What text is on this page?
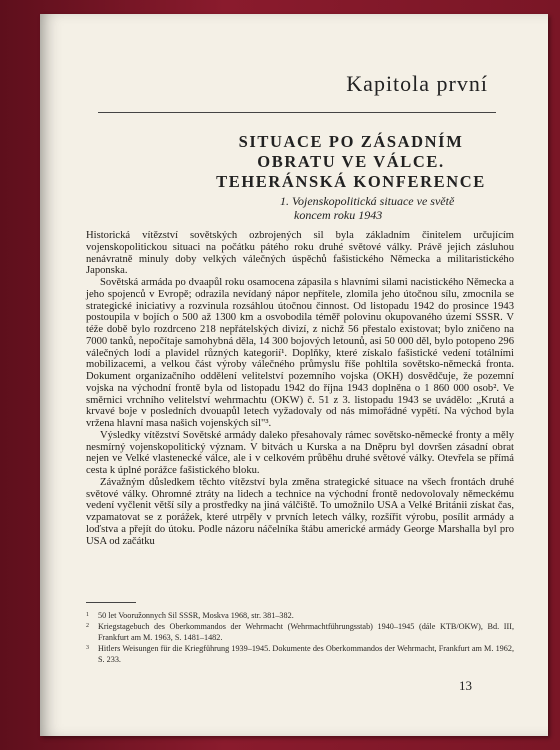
Kapitola první
SITUACE PO ZÁSADNÍM
OBRATU VE VÁLCE.
TEHERÁNSKÁ KONFERENCE
1. Vojenskopolitická situace ve světě
koncem roku 1943

Historická vítězství sovětských ozbrojených sil byla základním činitelem určujícím vojenskopolitickou situaci na počátku pátého roku druhé světové války. Právě jejich zásluhou nenávratně minuly doby velkých válečných úspěchů fašistického Německa a militaristického Japonska.

Sovětská armáda po dvaapůl roku osamocena zápasila s hlavními silami nacistického Německa a jeho spojenců v Evropě; odrazila nevídaný nápor nepřítele, zlomila jeho útočnou sílu, zmocnila se strategické iniciativy a rozvinula rozsáhlou útočnou činnost. Od listopadu 1942 do prosince 1943 postoupila v bojích o 500 až 1300 km a osvobodila téměř polovinu okupovaného území SSSR. V téže době bylo rozdrceno 218 nepřátelských divizí, z nichž 56 přestalo existovat; bylo zničeno na 7000 tanků, nepočítaje samohybná děla, 14 300 bojových letounů, asi 50 000 děl, bylo potopeno 296 válečných lodí a plavidel různých kategorií¹. Doplňky, které získalo fašistické vedení totálními mobilizacemi, a velkou část výroby válečného průmyslu říše pohltila sovětsko-německá fronta. Dokument organizačního oddělení velitelství pozemního vojska (OKH) dosvědčuje, že pozemní vojska na východní frontě byla od listopadu 1942 do října 1943 doplněna o 1 860 000 osob². Ve směrnici vrchního velitelství wehrmachtu (OKW) č. 51 z 3. listopadu 1943 se uvádělo: „Krutá a krvavé boje v posledních dvouapůl letech vyžadovaly od nás mimořádné vypětí. Na východ byla vržena hlavní masa našich vojenských sil"³.

Výsledky vítězství Sovětské armády daleko přesahovaly rámec sovětsko-německé fronty a měly nesmírný vojenskopolitický význam. V bitvách u Kurska a na Dněpru byl dovršen zásadní obrat nejen ve Velké vlastenecké válce, ale i v celkovém průběhu druhé světové války. Otevřela se přímá cesta k úplné porážce fašistického bloku.

Závažným důsledkem těchto vítězství byla změna strategické situace na všech frontách druhé světové války. Ohromné ztráty na lidech a technice na východní frontě nedovolovaly německému vedení vyčlenit větší síly a prostředky na jiná válčiště. To umožnilo USA a Velké Británii získat čas, vzpamatovat se z porážek, které utrpěly v prvních letech války, rozšířit výrobu, posílit armády a loďstva a přejít do útoku. Podle názoru náčelníka štábu americké armády George Marshalla byl pro USA od začátku

1 50 let Vooružonnych Sil SSSR, Moskva 1968, str. 381–382.

2 Kriegstagebuch des Oberkommandos der Wehrmacht (Wehrmachtführungsstab) 1940–1945 (dále KTB/OKW), Bd. III, Frankfurt am M. 1963, S. 1481–1482.

3 Hitlers Weisungen für die Kriegführung 1939–1945. Dokumente des Oberkommandos der Wehrmacht, Frankfurt am M. 1962, S. 233.

13
